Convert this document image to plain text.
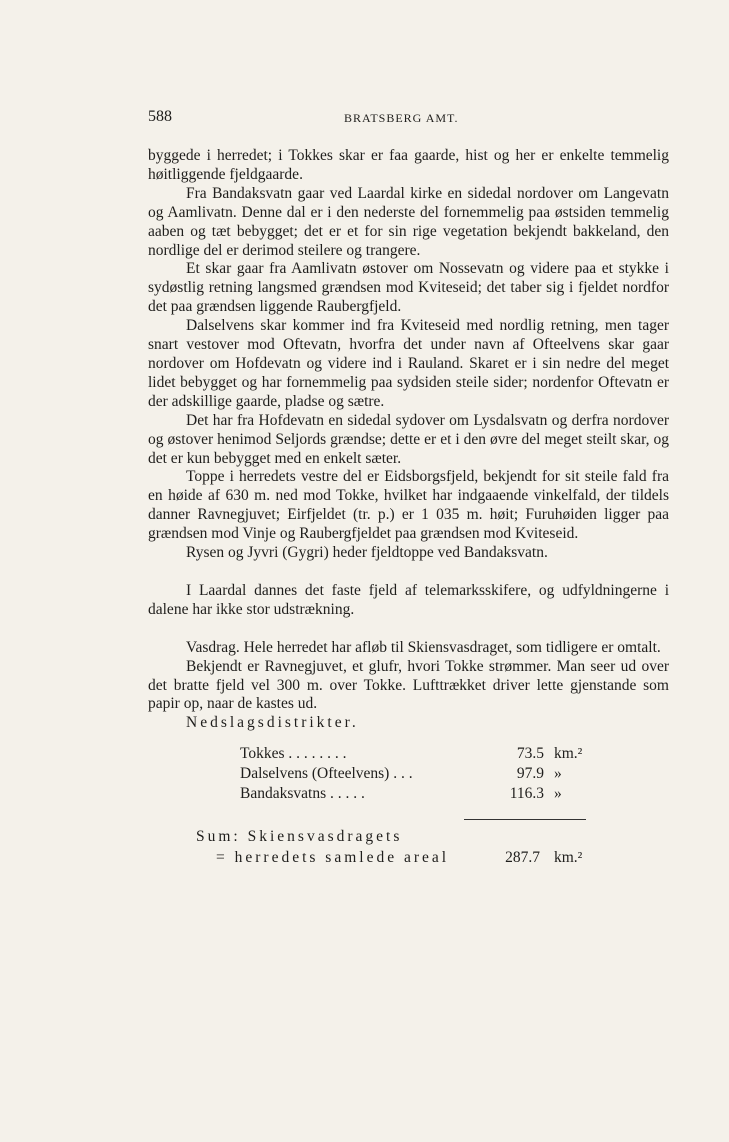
588	BRATSBERG AMT.

byggede i herredet; i Tokkes skar er faa gaarde, hist og her er enkelte temmelig høitliggende fjeldgaarde.

Fra Bandaksvatn gaar ved Laardal kirke en sidedal nordover om Langevatn og Aamlivatn. Denne dal er i den nederste del fornemmelig paa østsiden temmelig aaben og tæt bebygget; det er et for sin rige vegetation bekjendt bakkeland, den nordlige del er derimod steilere og trangere.

Et skar gaar fra Aamlivatn østover om Nossevatn og videre paa et stykke i sydøstlig retning langsmed grændsen mod Kviteseid; det taber sig i fjeldet nordfor det paa grændsen liggende Raubergfjeld.

Dalselvens skar kommer ind fra Kviteseid med nordlig retning, men tager snart vestover mod Oftevatn, hvorfra det under navn af Ofteelvens skar gaar nordover om Hofdevatn og videre ind i Rauland. Skaret er i sin nedre del meget lidet bebygget og har fornemmelig paa sydsiden steile sider; nordenfor Oftevatn er der adskillige gaarde, pladse og sætre.

Det har fra Hofdevatn en sidedal sydover om Lysdalsvatn og derfra nordover og østover henimod Seljords grændse; dette er et i den øvre del meget steilt skar, og det er kun bebygget med en enkelt sæter.

Toppe i herredets vestre del er Eidsborgsfjeld, bekjendt for sit steile fald fra en høide af 630 m. ned mod Tokke, hvilket har indgaaende vinkelfald, der tildels danner Ravnegjuvet; Eirfjeldet (tr. p.) er 1 035 m. høit; Furuhøiden ligger paa grændsen mod Vinje og Raubergfjeldet paa grændsen mod Kviteseid.

Rysen og Jyvri (Gygri) heder fjeldtoppe ved Bandaksvatn.

I Laardal dannes det faste fjeld af telemarksskifere, og udfyldningerne i dalene har ikke stor udstrækning.

Vasdrag. Hele herredet har afløb til Skiensvasdraget, som tidligere er omtalt.

Bekjendt er Ravnegjuvet, et glufr, hvori Tokke strømmer. Man seer ud over det bratte fjeld vel 300 m. over Tokke. Lufttrækket driver lette gjenstande som papir op, naar de kastes ud.

Nedslagsdistrikter.

Tokkes . . . . . . . .	73.5 km.²
Dalselvens (Ofteelvens) . . .	97.9 »
Bandaksvatns . . . . .	116.3 »
Sum: Skiensvasdragets
= herredets samlede areal	287.7 km.²
